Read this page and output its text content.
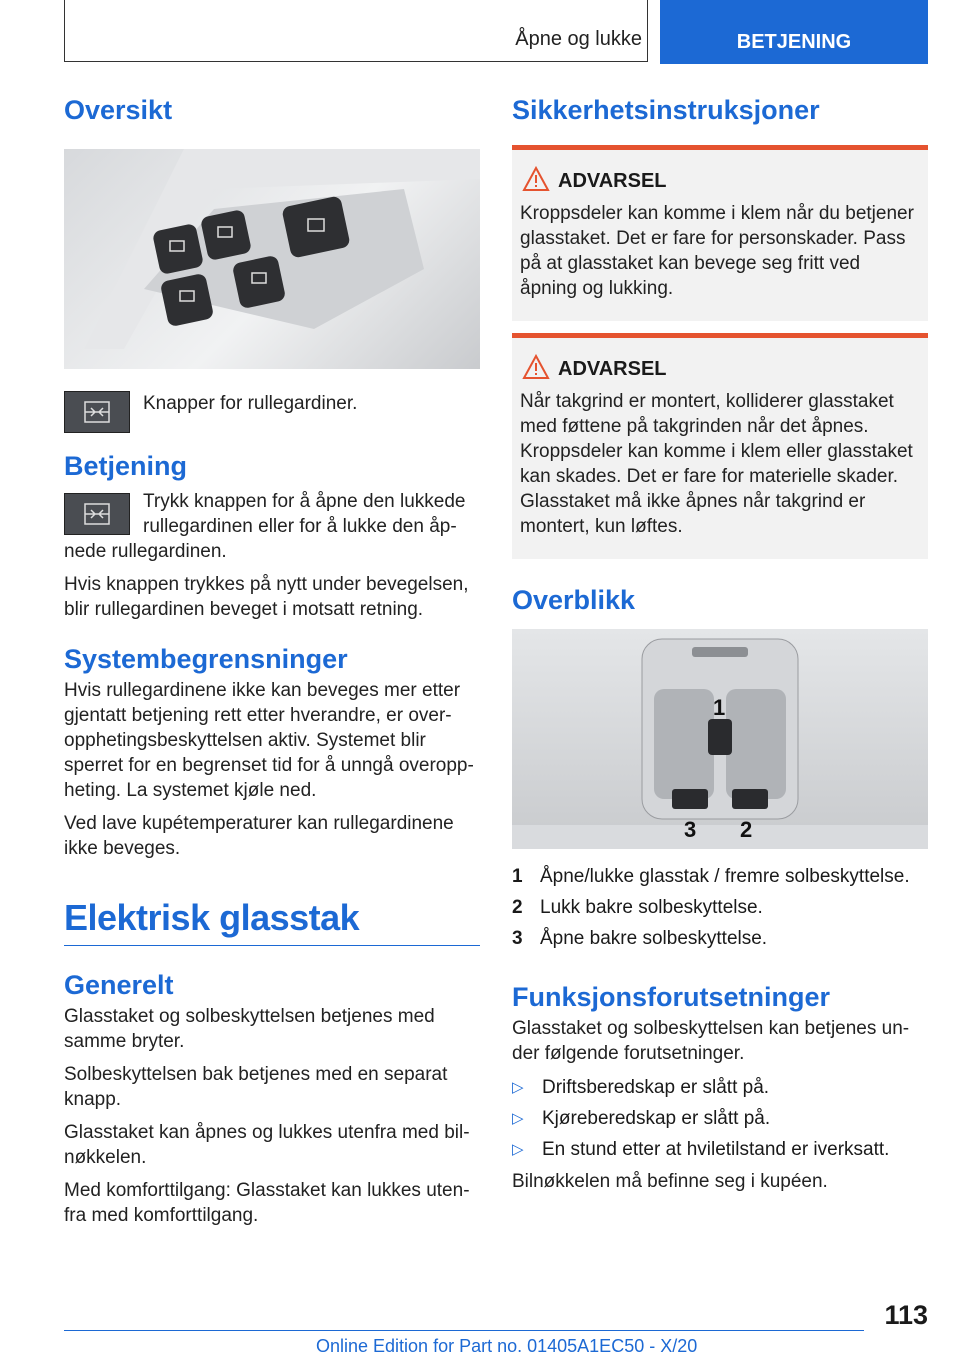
Åpne og lukke	BETJENING
Oversikt

Knapper for rullegardiner.

Betjening

Trykk knappen for å åpne den lukkede rullegardinen eller for å lukke den åp-nede rullegardinen.

Hvis knappen trykkes på nytt under bevegelsen, blir rullegardinen beveget i motsatt retning.

Systembegrensninger

Hvis rullegardinene ikke kan beveges mer etter gjentatt betjening rett etter hverandre, er over-opphetingsbeskyttelsen aktiv. Systemet blir sperret for en begrenset tid for å unngå overopp-heting. La systemet kjøle ned.

Ved lave kupétemperaturer kan rullegardinene ikke beveges.

Elektrisk glasstak
Generelt

Glasstaket og solbeskyttelsen betjenes med samme bryter.

Solbeskyttelsen bak betjenes med en separat knapp.

Glasstaket kan åpnes og lukkes utenfra med bil-nøkkelen.

Med komforttilgang: Glasstaket kan lukkes uten-fra med komforttilgang.

Sikkerhetsinstruksjoner
ADVARSEL

Kroppsdeler kan komme i klem når du betjener glasstaket. Det er fare for personskader. Pass på at glasstaket kan bevege seg fritt ved åpning og lukking.

ADVARSEL

Når takgrind er montert, kolliderer glasstaket med føttene på takgrinden når det åpnes. Kroppsdeler kan komme i klem eller glasstaket kan skades. Det er fare for materielle skader. Glasstaket må ikke åpnes når takgrind er montert, kun løftes.

Overblikk
1
3 2
1 Åpne/lukke glasstak / fremre solbeskyttelse.
2 Lukk bakre solbeskyttelse.
3 Åpne bakre solbeskyttelse.
Funksjonsforutsetninger

Glasstaket og solbeskyttelsen kan betjenes un-der følgende forutsetninger.

▷ Driftsberedskap er slått på.
▷ Kjøreberedskap er slått på.
▷ En stund etter at hviletilstand er iverksatt.

Bilnøkkelen må befinne seg i kupéen.

113
Online Edition for Part no. 01405A1EC50 - X/20
